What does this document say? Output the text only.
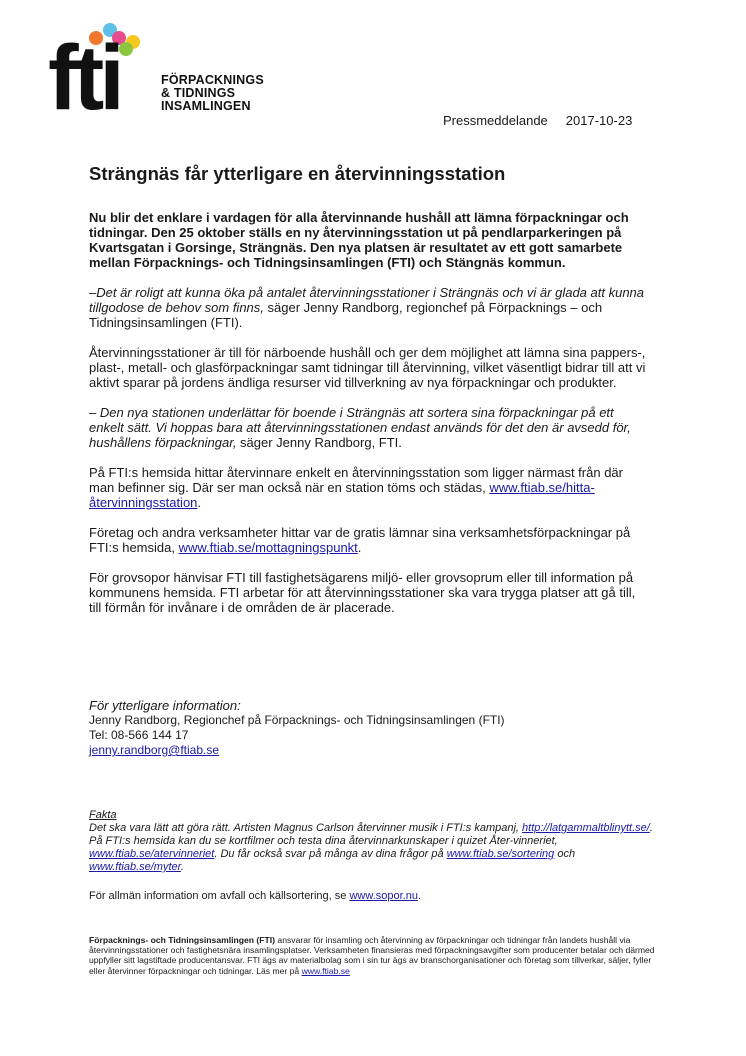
fti	FÖRPACKNINGS
& TIDNINGS
INSAMLINGEN
Pressmeddelande 2017-10-23
Strängnäs får ytterligare en återvinningsstation

Nu blir det enklare i vardagen för alla återvinnande hushåll att lämna förpackningar och tidningar. Den 25 oktober ställs en ny återvinningsstation ut på pendlarparkeringen på Kvartsgatan i Gorsinge, Strängnäs. Den nya platsen är resultatet av ett gott samarbete mellan Förpacknings- och Tidningsinsamlingen (FTI) och Stängnäs kommun.

–Det är roligt att kunna öka på antalet återvinningsstationer i Strängnäs och vi är glada att kunna tillgodose de behov som finns, säger Jenny Randborg, regionchef på Förpacknings – och Tidningsinsamlingen (FTI).

Återvinningsstationer är till för närboende hushåll och ger dem möjlighet att lämna sina pappers-, plast-, metall- och glasförpackningar samt tidningar till återvinning, vilket väsentligt bidrar till att vi aktivt sparar på jordens ändliga resurser vid tillverkning av nya förpackningar och produkter.

– Den nya stationen underlättar för boende i Strängnäs att sortera sina förpackningar på ett enkelt sätt. Vi hoppas bara att återvinningsstationen endast används för det den är avsedd för, hushållens förpackningar, säger Jenny Randborg, FTI.

På FTI:s hemsida hittar återvinnare enkelt en återvinningsstation som ligger närmast från där man befinner sig. Där ser man också när en station töms och städas, www.ftiab.se/hitta-återvinningsstation.

Företag och andra verksamheter hittar var de gratis lämnar sina verksamhetsförpackningar på FTI:s hemsida, www.ftiab.se/mottagningspunkt.

För grovsopor hänvisar FTI till fastighetsägarens miljö- eller grovsoprum eller till information på kommunens hemsida. FTI arbetar för att återvinningsstationer ska vara trygga platser att gå till, till förmån för invånare i de områden de är placerade.

För ytterligare information:
Jenny Randborg, Regionchef på Förpacknings- och Tidningsinsamlingen (FTI)
Tel: 08-566 144 17
jenny.randborg@ftiab.se
Fakta
Det ska vara lätt att göra rätt. Artisten Magnus Carlson återvinner musik i FTI:s kampanj, http://latgammaltblinytt.se/. På FTI:s hemsida kan du se kortfilmer och testa dina återvinnarkunskaper i quizet Åter-vinneriet, www.ftiab.se/atervinneriet. Du får också svar på många av dina frågor på www.ftiab.se/sortering och www.ftiab.se/myter.
För allmän information om avfall och källsortering, se www.sopor.nu.
Förpacknings- och Tidningsinsamlingen (FTI) ansvarar för insamling och återvinning av förpackningar och tidningar från landets hushåll via återvinningsstationer och fastighetsnära insamlingsplatser. Verksamheten finansieras med förpackningsavgifter som producenter betalar och därmed uppfyller sitt lagstiftade producentansvar. FTI ägs av materialbolag som i sin tur ägs av branschorganisationer och företag som tillverkar, säljer, fyller eller återvinner förpackningar och tidningar. Läs mer på www.ftiab.se
